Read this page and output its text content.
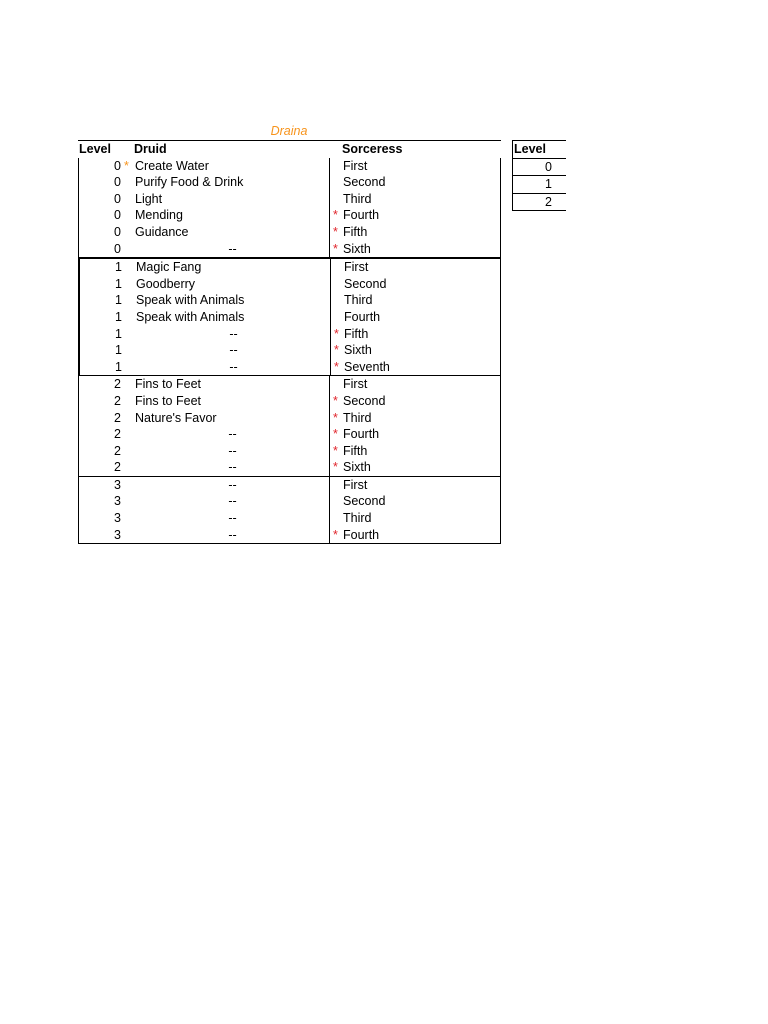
Draina
Level	Druid	Sorceress
0 * Create Water	First
0 Purify Food & Drink	Second
0 Light	Third
0 Mending	* Fourth
0 Guidance	* Fifth
0	--	* Sixth
1 Magic Fang	First
1 Goodberry	Second
1 Speak with Animals	Third
1 Speak with Animals	Fourth
1	--	* Fifth
1	--	* Sixth
1	--	* Seventh
2 Fins to Feet	First
2 Fins to Feet	* Second
2 Nature's Favor	* Third
2	--	* Fourth
2	--	* Fifth
2	--	* Sixth
3	--	First
3	--	Second
3	--	Third
3	--	* Fourth
Level
0
1
2
